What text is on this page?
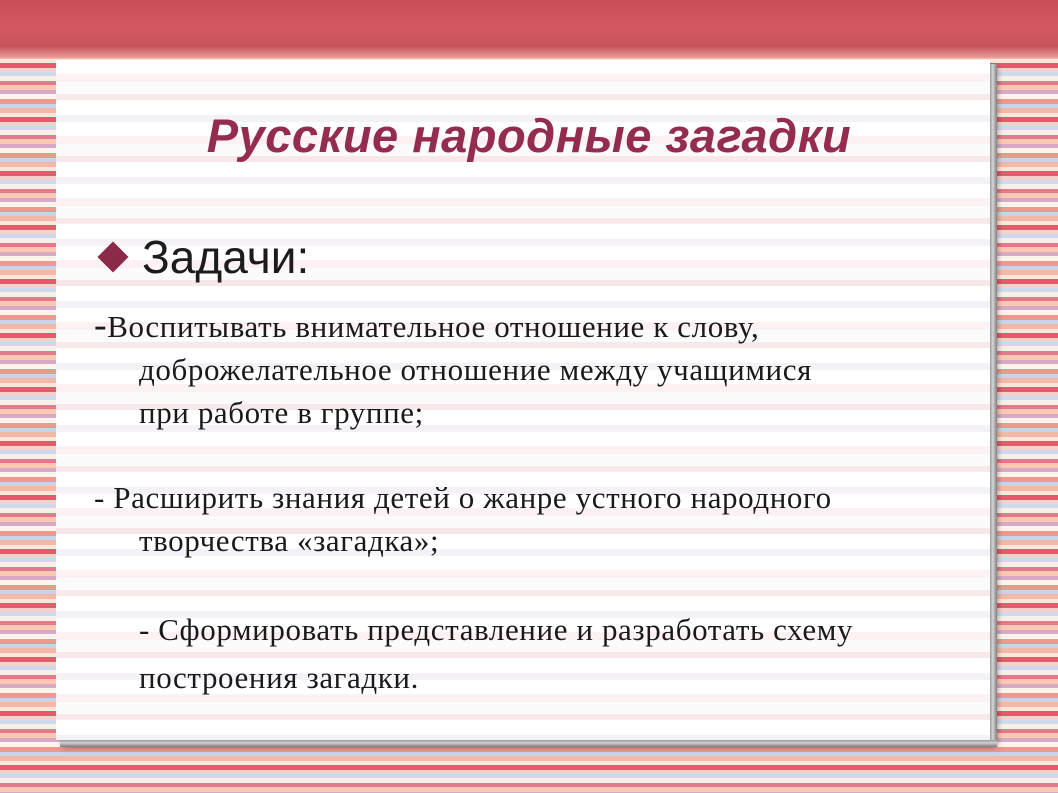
Русские народные загадки
Задачи:

-Воспитывать внимательное отношение к слову,
доброжелательное отношение между учащимися
при работе в группе;

- Расширить знания детей о жанре устного народного
творчества «загадка»;

- Сформировать представление и разработать схему
построения загадки.
